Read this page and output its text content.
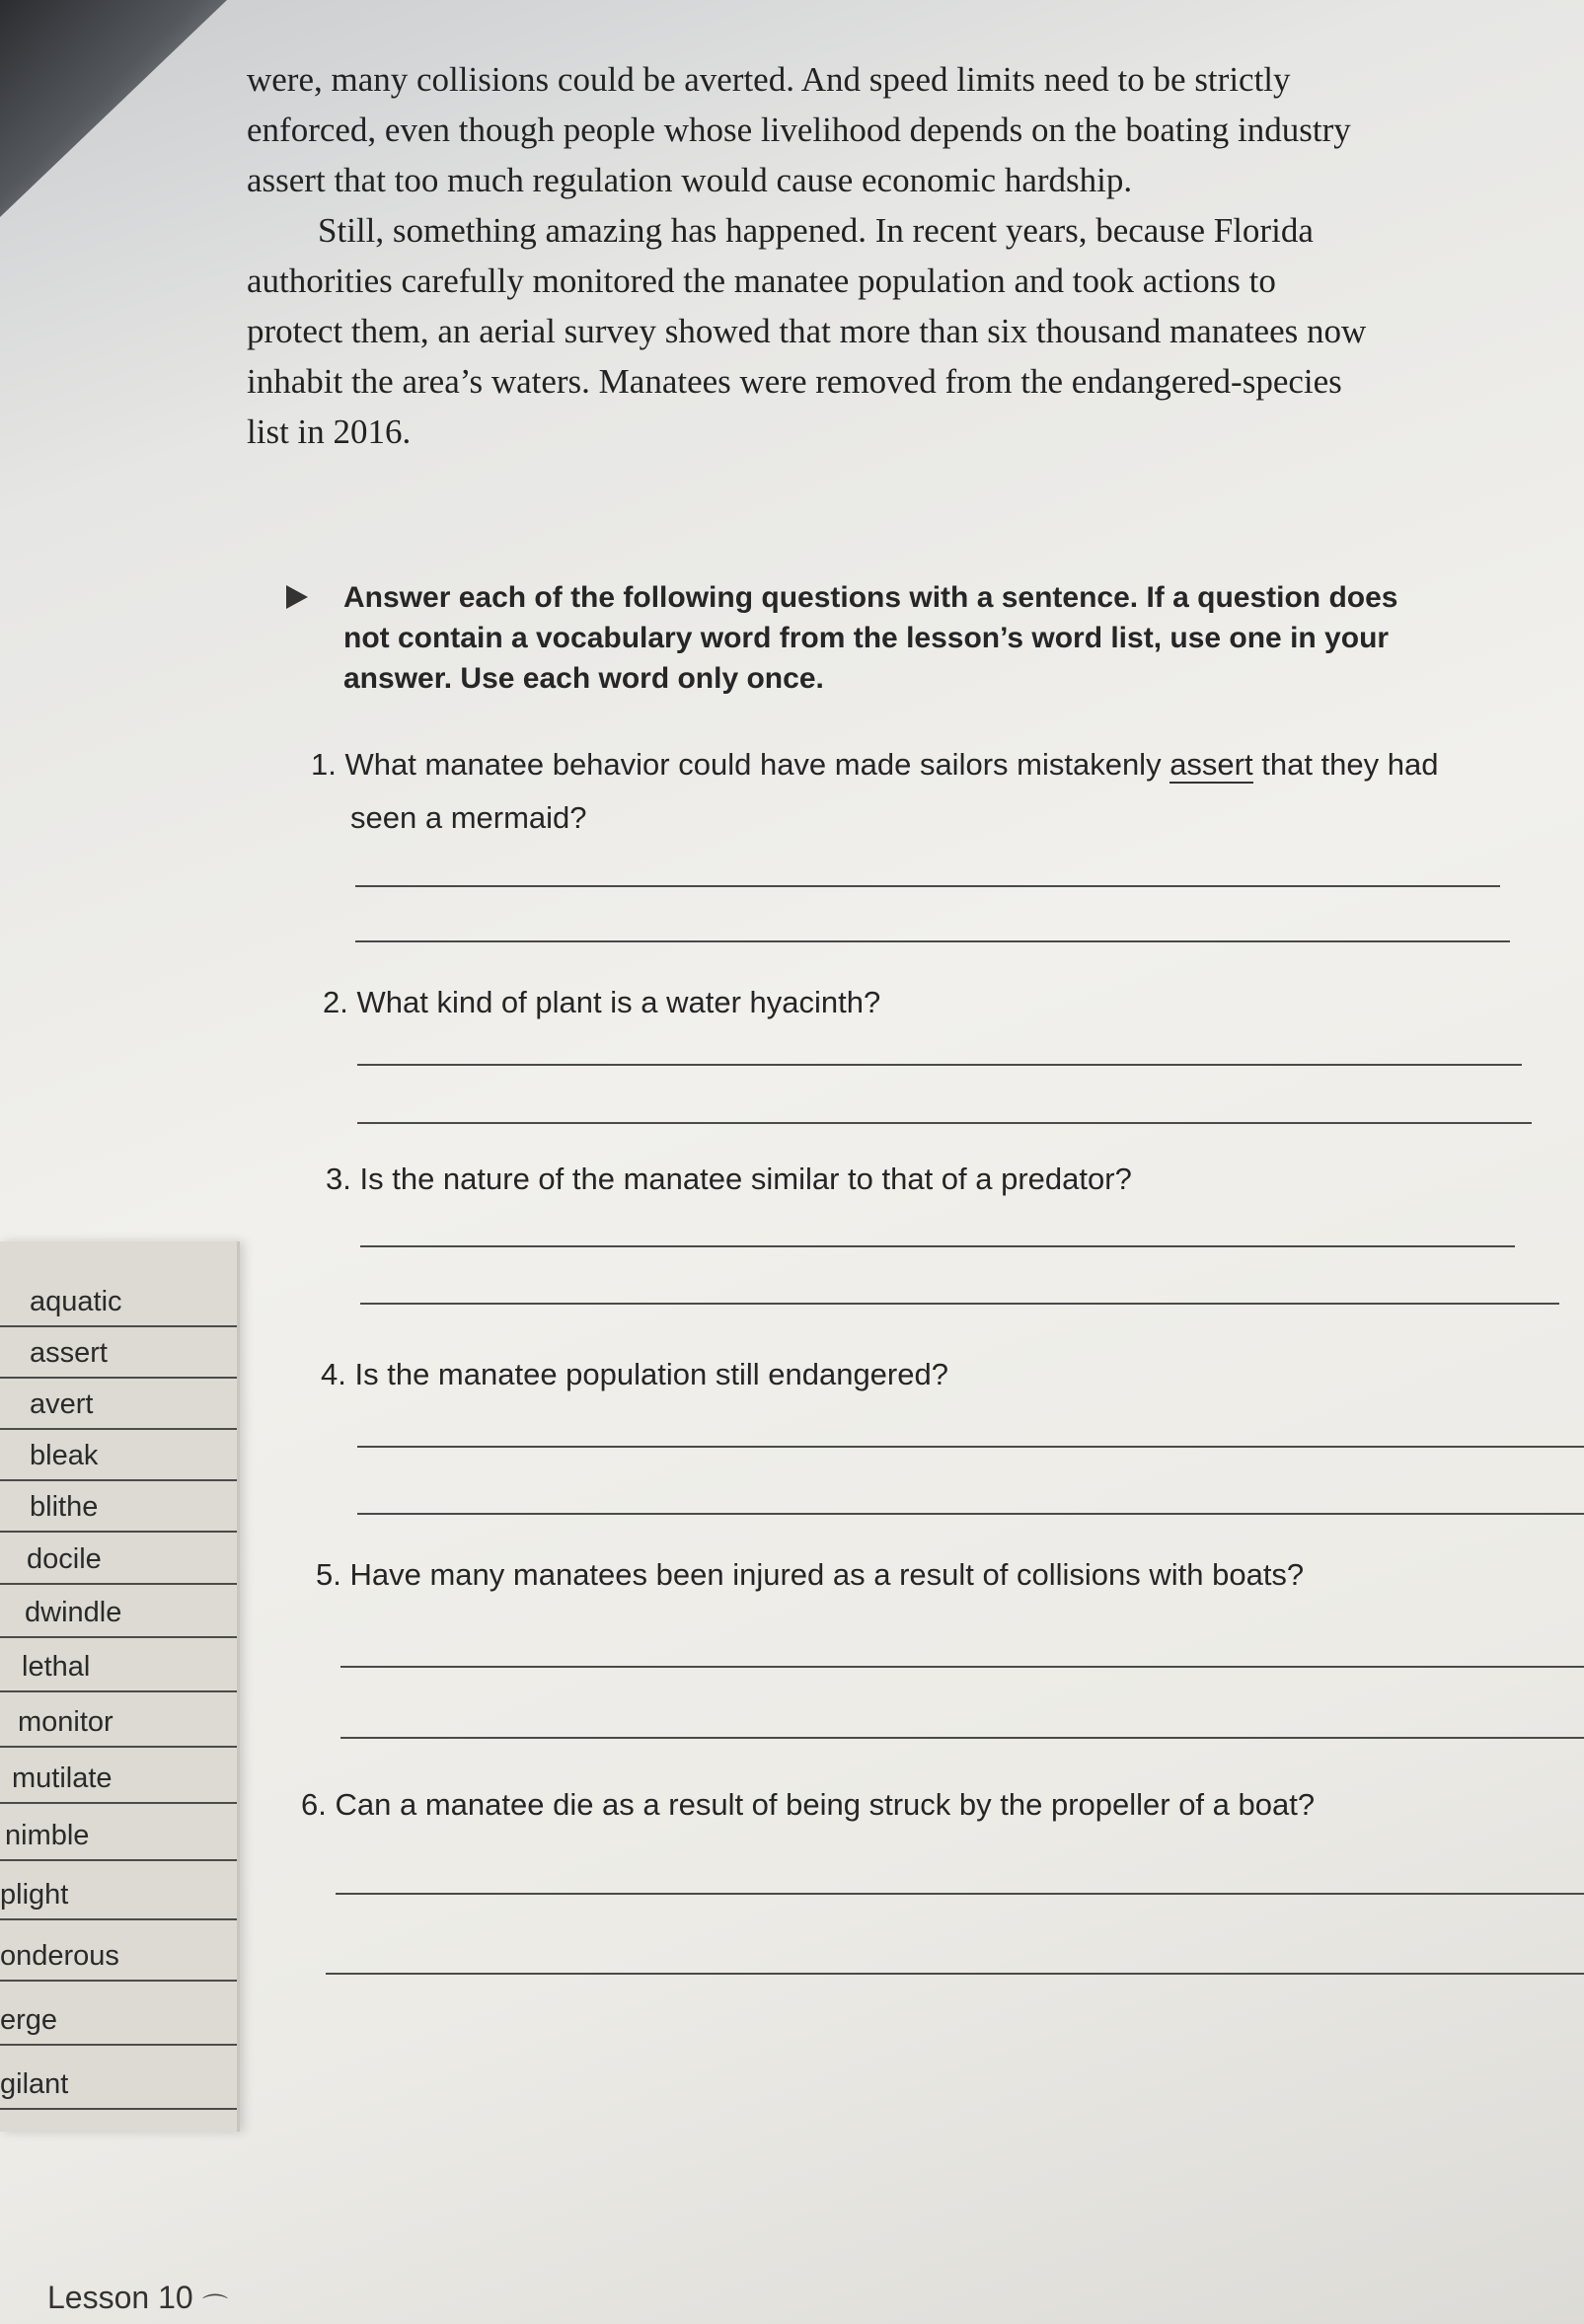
were, many collisions could be averted. And speed limits need to be strictly enforced, even though people whose livelihood depends on the boating industry assert that too much regulation would cause economic hardship.

Still, something amazing has happened. In recent years, because Florida authorities carefully monitored the manatee population and took actions to protect them, an aerial survey showed that more than six thousand manatees now inhabit the area’s waters. Manatees were removed from the endangered-species list in 2016.

Answer each of the following questions with a sentence. If a question does not contain a vocabulary word from the lesson’s word list, use one in your answer. Use each word only once.
1. What manatee behavior could have made sailors mistakenly assert that they had
seen a mermaid?
2. What kind of plant is a water hyacinth?
3. Is the nature of the manatee similar to that of a predator?
4. Is the manatee population still endangered?
5. Have many manatees been injured as a result of collisions with boats?
6. Can a manatee die as a result of being struck by the propeller of a boat?
aquatic
assert
avert
bleak
blithe
docile
dwindle
lethal
monitor
mutilate
nimble
plight
onderous
erge
gilant
Lesson 10 ⌒
